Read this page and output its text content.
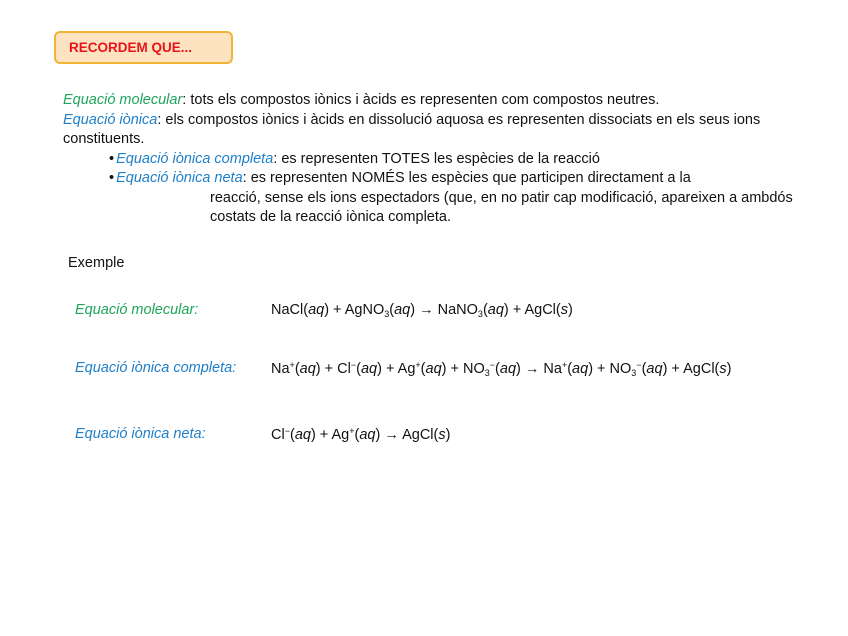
RECORDEM QUE...

Equació molecular: tots els compostos iònics i àcids es representen com compostos neutres.

Equació iònica: els compostos iònics i àcids en dissolució aquosa es representen dissociats en els seus ions constituents.

• Equació iònica completa: es representen TOTES les espècies de la reacció

• Equació iònica neta: es representen NOMÉS les espècies que participen directament a la
reacció, sense els ions espectadors (que, en no patir cap modificació, apareixen a ambdós costats de la reacció iònica completa.

Exemple
Equació molecular:	NaCl(aq) + AgNO$_3$(aq) → NaNO$_3$(aq) + AgCl(s)
Equació iònica completa: $Na^+(aq) + Cl^-(aq) + Ag^+(aq) + NO_3^-(aq) \to Na^+(aq) + NO_3^-(aq)$ + AgCl(s)
Equació iònica neta:	Cl−(aq) + Ag+(aq) → AgCl(s)
